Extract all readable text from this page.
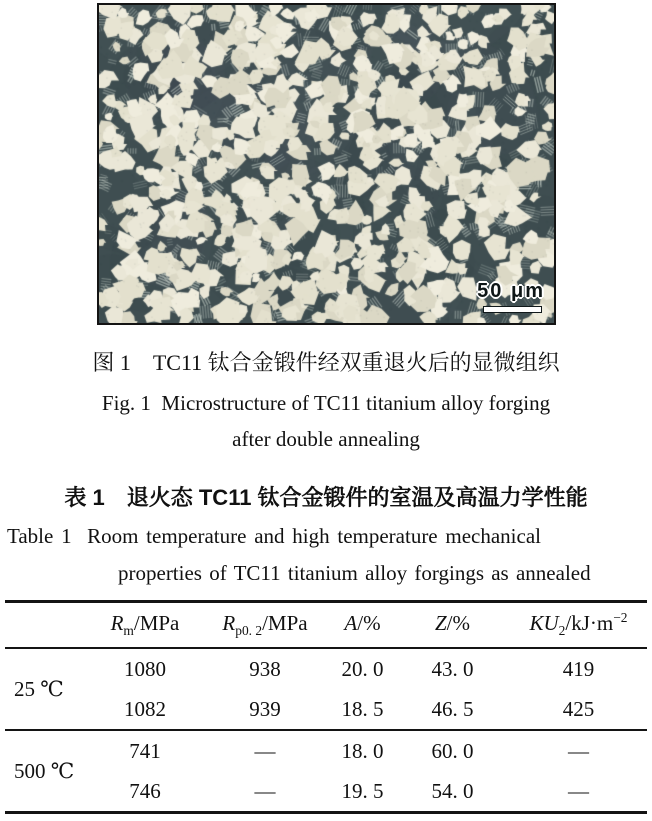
50 μm
图 1　TC11 钛合金锻件经双重退火后的显微组织
Fig. 1  Microstructure of TC11 titanium alloy forging
after double annealing
表 1　退火态 TC11 钛合金锻件的室温及高温力学性能
Table 1  Room temperature and high temperature mechanical
properties of TC11 titanium alloy forgings as annealed
	$R_m$/MPa	$R_{p0. 2}$/MPa	A/%	Z/%	$KU_2/kJ\cdot m^{-2}$
25 ℃	1080	938	20. 0	43. 0	419
	1082	939	18. 5	46. 5	425
500 ℃	741	—	18. 0	60. 0	—
	746	—	19. 5	54. 0	—
